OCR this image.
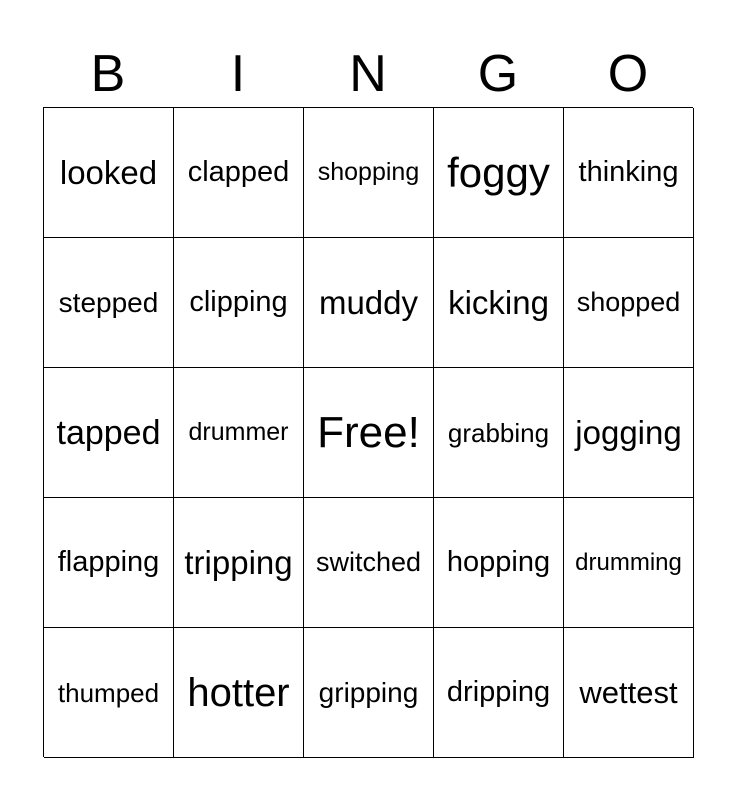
B	I	N	G	O
looked clapped shopping foggy thinking
stepped clipping muddy kicking shopped
tapped drummer Free! grabbing jogging
flapping tripping switched hopping drumming
thumped hotter gripping dripping wettest
